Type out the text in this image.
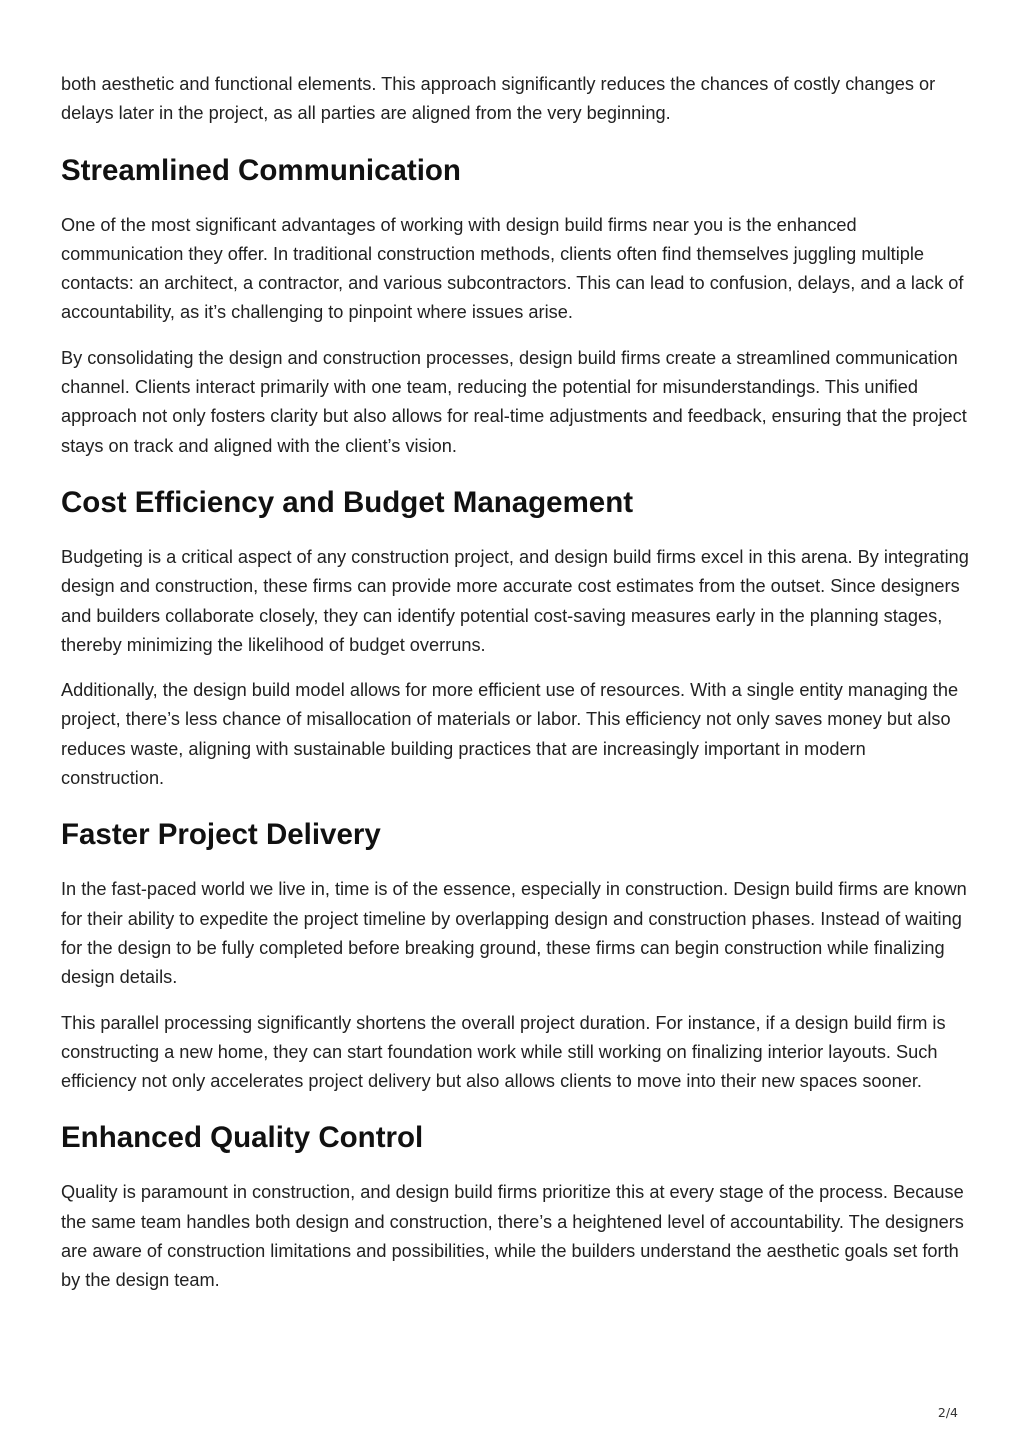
both aesthetic and functional elements. This approach significantly reduces the chances of costly changes or delays later in the project, as all parties are aligned from the very beginning.

Streamlined Communication

One of the most significant advantages of working with design build firms near you is the enhanced communication they offer. In traditional construction methods, clients often find themselves juggling multiple contacts: an architect, a contractor, and various subcontractors. This can lead to confusion, delays, and a lack of accountability, as it’s challenging to pinpoint where issues arise.

By consolidating the design and construction processes, design build firms create a streamlined communication channel. Clients interact primarily with one team, reducing the potential for misunderstandings. This unified approach not only fosters clarity but also allows for real-time adjustments and feedback, ensuring that the project stays on track and aligned with the client’s vision.

Cost Efficiency and Budget Management

Budgeting is a critical aspect of any construction project, and design build firms excel in this arena. By integrating design and construction, these firms can provide more accurate cost estimates from the outset. Since designers and builders collaborate closely, they can identify potential cost-saving measures early in the planning stages, thereby minimizing the likelihood of budget overruns.

Additionally, the design build model allows for more efficient use of resources. With a single entity managing the project, there’s less chance of misallocation of materials or labor. This efficiency not only saves money but also reduces waste, aligning with sustainable building practices that are increasingly important in modern construction.

Faster Project Delivery

In the fast-paced world we live in, time is of the essence, especially in construction. Design build firms are known for their ability to expedite the project timeline by overlapping design and construction phases. Instead of waiting for the design to be fully completed before breaking ground, these firms can begin construction while finalizing design details.

This parallel processing significantly shortens the overall project duration. For instance, if a design build firm is constructing a new home, they can start foundation work while still working on finalizing interior layouts. Such efficiency not only accelerates project delivery but also allows clients to move into their new spaces sooner.

Enhanced Quality Control

Quality is paramount in construction, and design build firms prioritize this at every stage of the process. Because the same team handles both design and construction, there’s a heightened level of accountability. The designers are aware of construction limitations and possibilities, while the builders understand the aesthetic goals set forth by the design team.

2/4
